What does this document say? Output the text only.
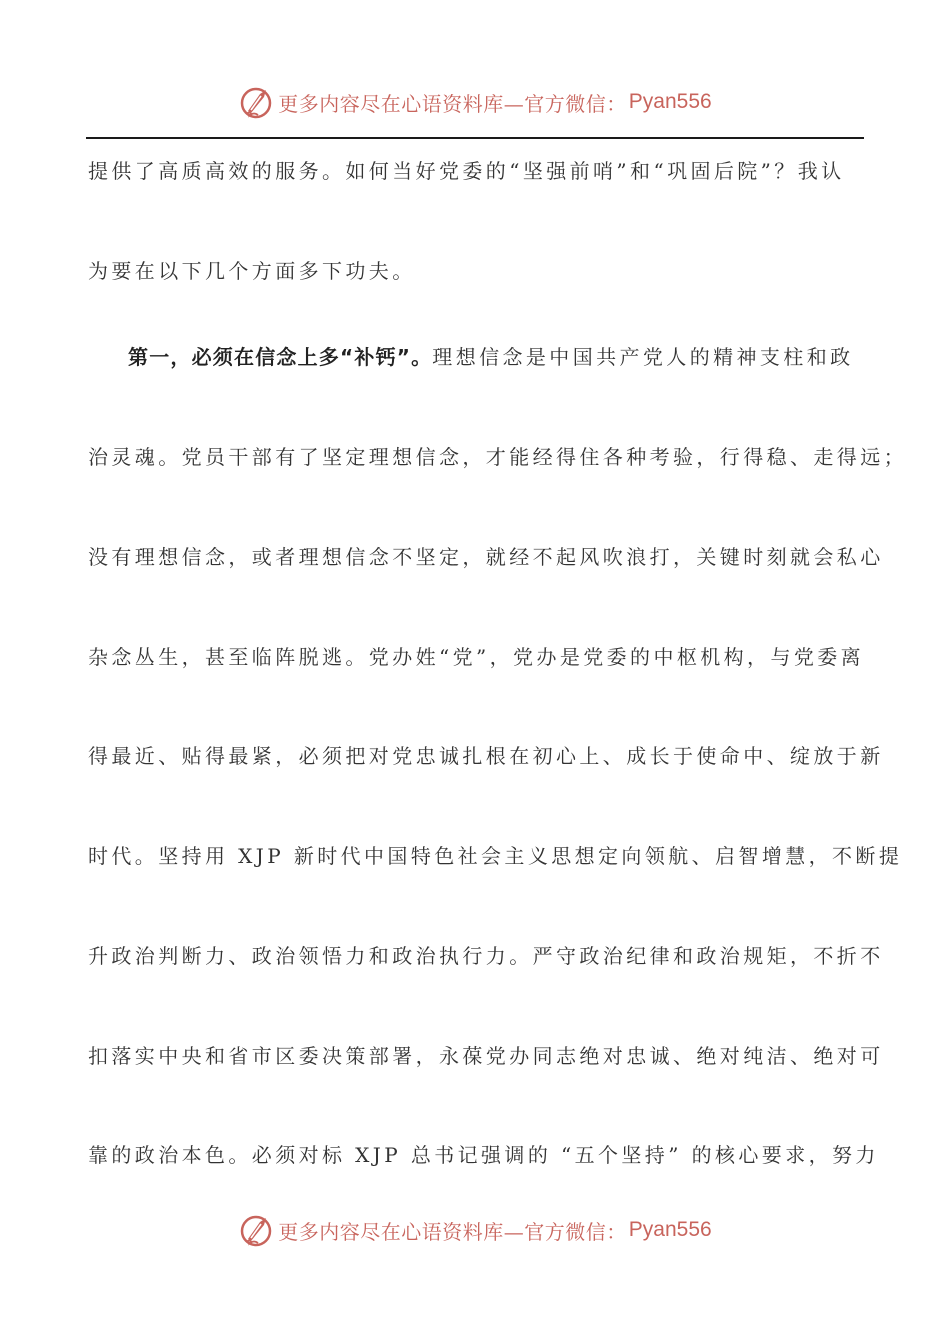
更多内容尽在心语资料库—官方微信： Pyan556
提供了高质高效的服务。如何当好党委的“坚强前哨”和“巩固后院”？我认
为要在以下几个方面多下功夫。
第一，必须在信念上多“补钙”。理想信念是中国共产党人的精神支柱和政
治灵魂。党员干部有了坚定理想信念，才能经得住各种考验，行得稳、走得远；
没有理想信念，或者理想信念不坚定，就经不起风吹浪打，关键时刻就会私心
杂念丛生，甚至临阵脱逃。党办姓“党”，党办是党委的中枢机构，与党委离
得最近、贴得最紧，必须把对党忠诚扎根在初心上、成长于使命中、绽放于新
时代。坚持用 XJP 新时代中国特色社会主义思想定向领航、启智增慧，不断提
升政治判断力、政治领悟力和政治执行力。严守政治纪律和政治规矩，不折不
扣落实中央和省市区委决策部署，永葆党办同志绝对忠诚、绝对纯洁、绝对可
靠的政治本色。必须对标 XJP 总书记强调的 “五个坚持” 的核心要求，努力
更多内容尽在心语资料库—官方微信： Pyan556
